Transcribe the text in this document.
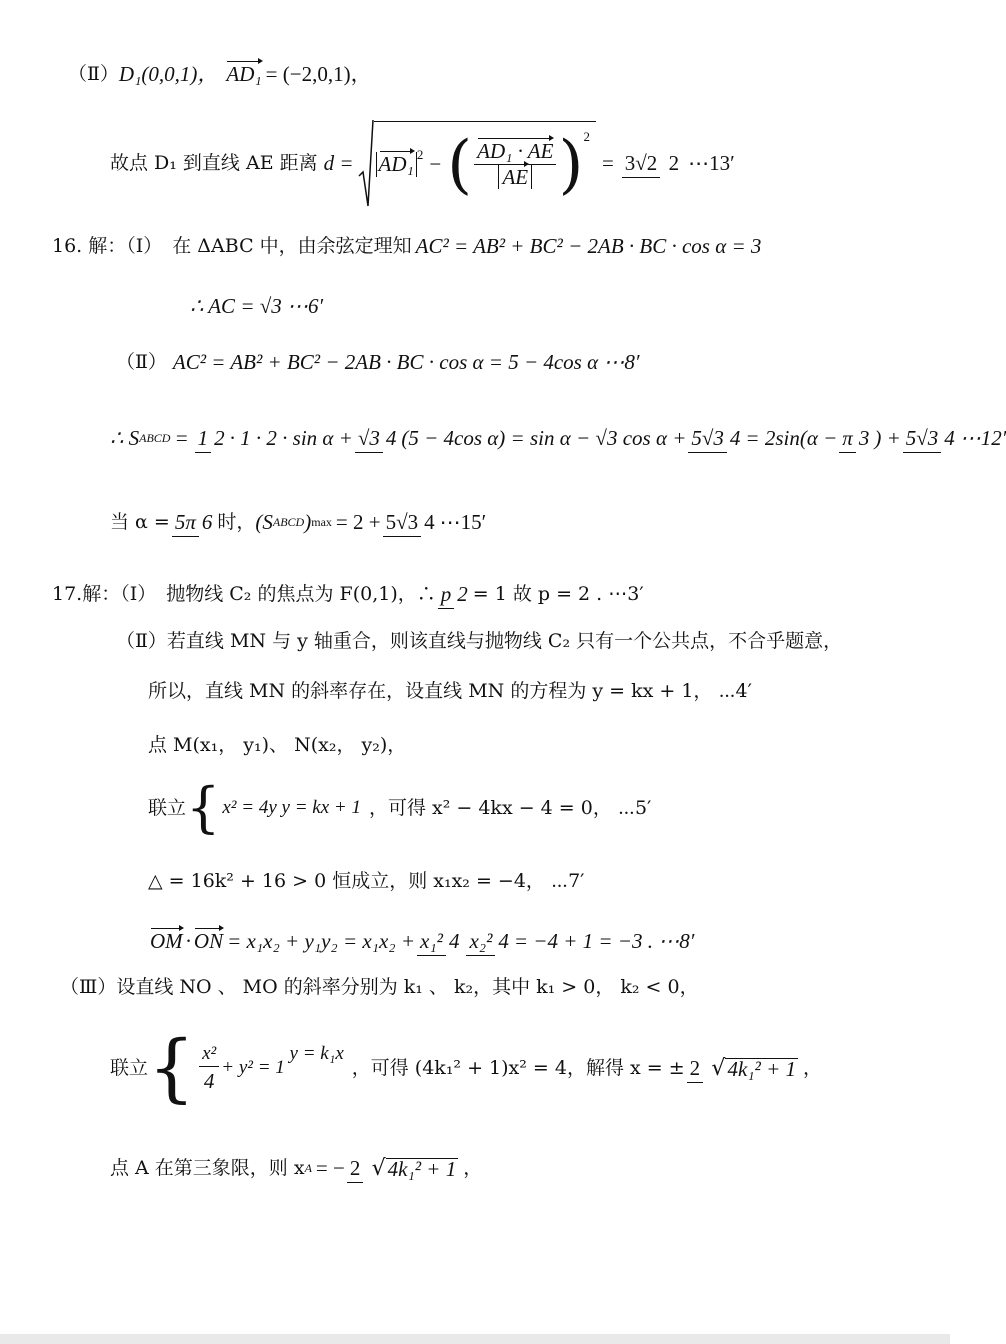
（Ⅱ） D₁(0,0,1)， AD₁ = (−2,0,1)，
故点 D₁ 到直线 AE 距离 d = AD₁$^2$ − ( $\frac{\text{AD₁ · AE}}{AE} )^2$
= 3√2 2 ⋯13′
16. 解：（Ⅰ） 在 ΔABC 中，由余弦定理知 AC² = AB² + BC² − 2AB · BC · cos α = 3
∴ AC = √3 ⋯6′
（Ⅱ） AC² = AB² + BC² − 2AB · BC · cos α = 5 − 4cos α ⋯8′
∴ S ABCD = 1 2 · 1 · 2 · sin α + √3 4 (5 − 4cos α) = sin α − √3 cos α + 5√3 4 = 2sin(α − π 3 ) + 5√3 4 ⋯12′
当 α = 5π 6 时， (S ABCD ) max = 2 + 5√3 4 ⋯15′
17.解：（Ⅰ） 抛物线 C₂ 的焦点为 F(0,1)，∴ p 2 = 1 故 p = 2 . ⋯3′
（Ⅱ）若直线 MN 与 y 轴重合，则该直线与抛物线 C₂ 只有一个公共点，不合乎题意，
所以，直线 MN 的斜率存在，设直线 MN 的方程为 y = kx + 1， ⋯4′
点 M(x₁， y₁)、 N(x₂， y₂)，
联立 { x² = 4y y = kx + 1 ，可得 x² − 4kx − 4 = 0， ⋯5′
△ = 16k² + 16 > 0 恒成立，则 x₁x₂ = −4， ⋯7′
OM · ON = x₁x₂ + y₁y₂ = x₁x₂ + x₁² 4 x₂² 4 = −4 + 1 = −3 . ⋯8′
（Ⅲ）设直线 NO 、 MO 的斜率分别为 k₁ 、 k₂，其中 k₁ > 0， k₂ < 0，
联立 { $\frac{\text{x²}}{4} + y^2 = 1$
y = k₁x
，可得 (4k₁² + 1)x² = 4，解得 x = ± 2 √ 4k₁² + 1 ，
点 A 在第三象限，则 x A = − 2 √ 4k₁² + 1 ，
